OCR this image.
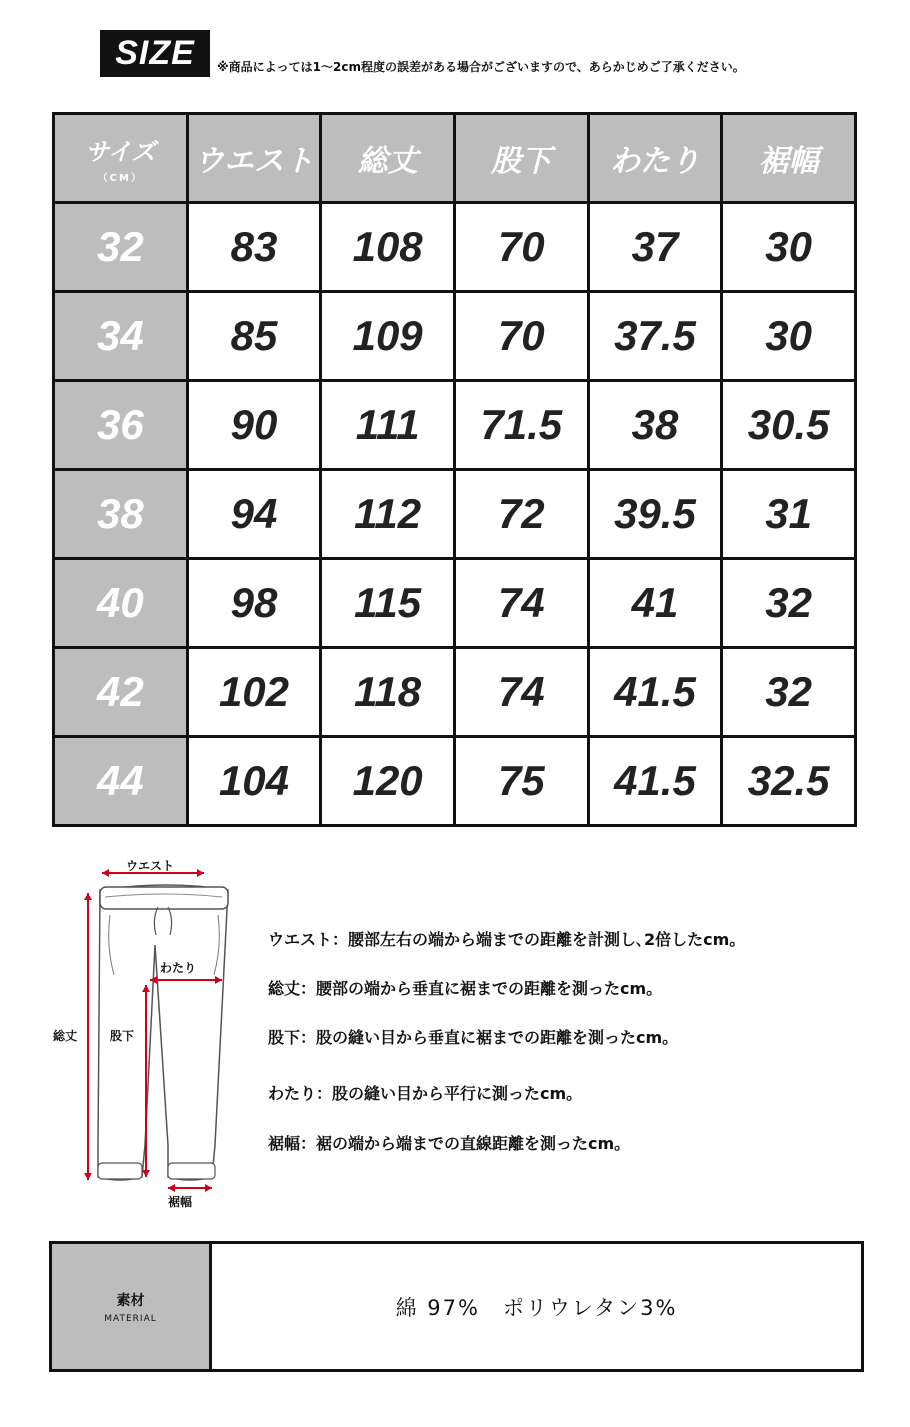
SIZE	※商品によっては1〜2cm程度の誤差がある場合がございますので、あらかじめご了承ください。
サイズ
（CM）	ウエスト	総丈	股下	わたり	裾幅
32	83	108	70	37	30
34	85	109	70	37.5	30
36	90	111	71.5	38	30.5
38	94	112	72	39.5	31
40	98	115	74	41	32
42	102	118	74	41.5	32
44	104	120	75	41.5	32.5
ウエスト
わたり
総丈	股下
裾幅
ウエスト：腰部左右の端から端までの距離を計測し､2倍したcm。
総丈：腰部の端から垂直に裾までの距離を測ったcm。
股下：股の縫い目から垂直に裾までの距離を測ったcm。
わたり：股の縫い目から平行に測ったcm。
裾幅：裾の端から端までの直線距離を測ったcm。
素材
MATERIAL	綿 97%　ポリウレタン3%
